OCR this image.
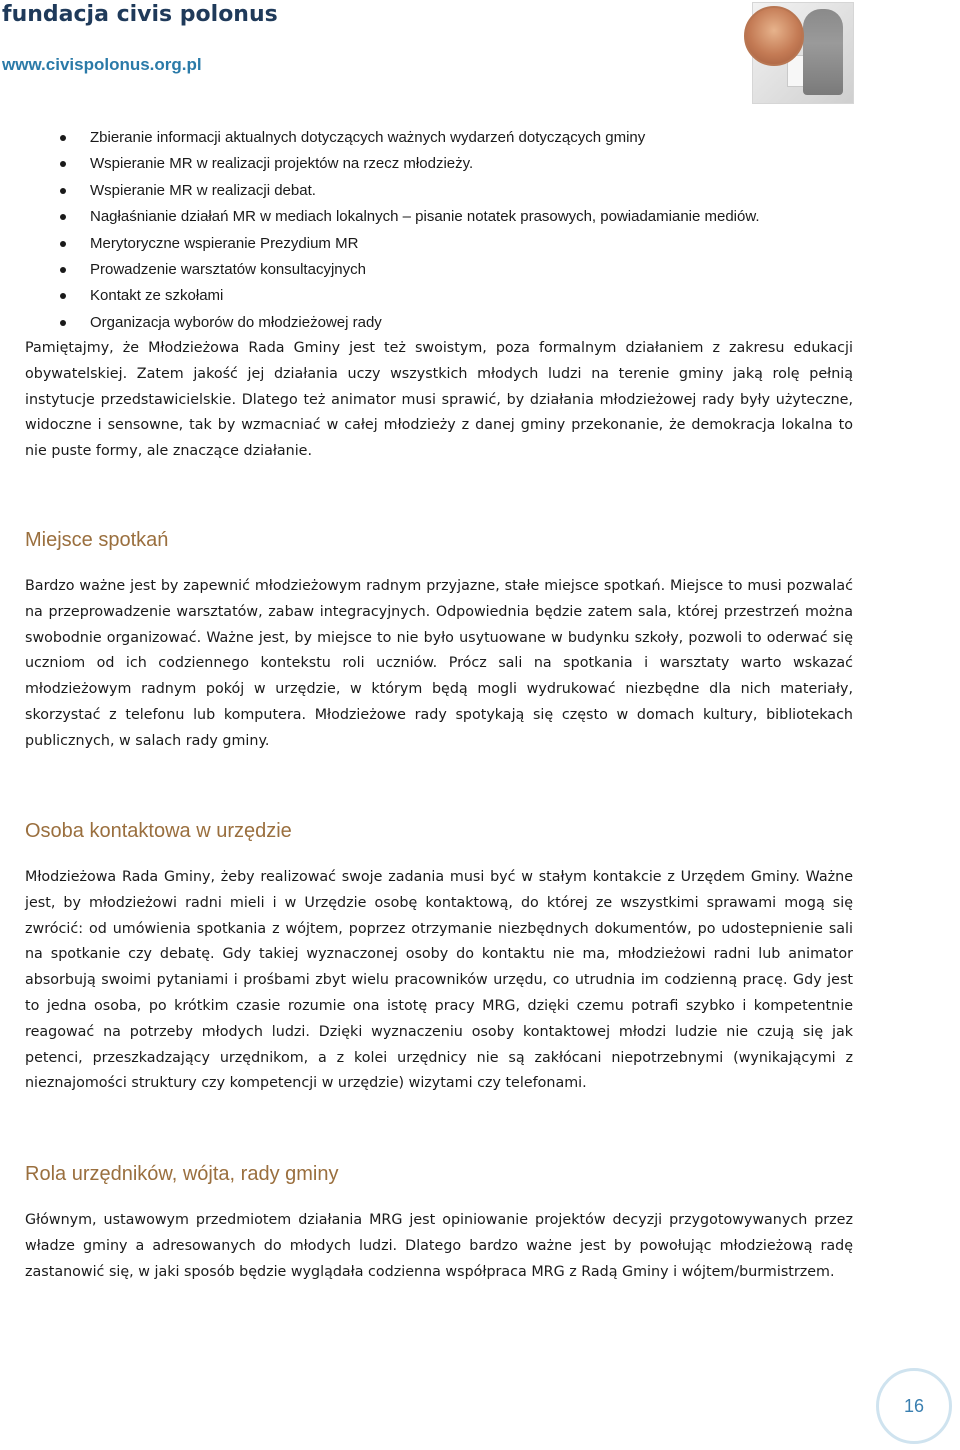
fundacja civis polonus
www.civispolonus.org.pl
Zbieranie informacji aktualnych dotyczących ważnych wydarzeń dotyczących gminy
Wspieranie MR w realizacji projektów na rzecz młodzieży.
Wspieranie MR w realizacji debat.
Nagłaśnianie działań MR w mediach lokalnych – pisanie notatek prasowych, powiadamianie mediów.
Merytoryczne wspieranie Prezydium MR
Prowadzenie warsztatów konsultacyjnych
Kontakt ze szkołami
Organizacja wyborów do młodzieżowej rady

Pamiętajmy, że Młodzieżowa Rada Gminy jest też swoistym, poza formalnym działaniem z zakresu edukacji obywatelskiej. Zatem jakość jej działania uczy wszystkich młodych ludzi na terenie gminy jaką rolę pełnią instytucje przedstawicielskie. Dlatego też animator musi sprawić, by działania młodzieżowej rady były użyteczne, widoczne i sensowne, tak by wzmacniać w całej młodzieży z danej gminy przekonanie, że demokracja lokalna to nie puste formy, ale znaczące działanie.

Miejsce spotkań

Bardzo ważne jest by zapewnić młodzieżowym radnym przyjazne, stałe miejsce spotkań. Miejsce to musi pozwalać na przeprowadzenie warsztatów, zabaw integracyjnych. Odpowiednia będzie zatem sala, której przestrzeń można swobodnie organizować. Ważne jest, by miejsce to nie było usytuowane w budynku szkoły, pozwoli to oderwać się uczniom od ich codziennego kontekstu roli uczniów. Prócz sali na spotkania i warsztaty warto wskazać młodzieżowym radnym pokój w urzędzie, w którym będą mogli wydrukować niezbędne dla nich materiały, skorzystać z telefonu lub komputera. Młodzieżowe rady spotykają się często w domach kultury, bibliotekach publicznych, w salach rady gminy.

Osoba kontaktowa w urzędzie

Młodzieżowa Rada Gminy, żeby realizować swoje zadania musi być w stałym kontakcie z Urzędem Gminy. Ważne jest, by młodzieżowi radni mieli i w Urzędzie osobę kontaktową, do której ze wszystkimi sprawami mogą się zwrócić: od umówienia spotkania z wójtem, poprzez otrzymanie niezbędnych dokumentów, po udostepnienie sali na spotkanie czy debatę. Gdy takiej wyznaczonej osoby do kontaktu nie ma, młodzieżowi radni lub animator absorbują swoimi pytaniami i prośbami zbyt wielu pracowników urzędu, co utrudnia im codzienną pracę. Gdy jest to jedna osoba, po krótkim czasie rozumie ona istotę pracy MRG, dzięki czemu potrafi szybko i kompetentnie reagować na potrzeby młodych ludzi. Dzięki wyznaczeniu osoby kontaktowej młodzi ludzie nie czują się jak petenci, przeszkadzający urzędnikom, a z kolei urzędnicy nie są zakłócani niepotrzebnymi (wynikającymi z nieznajomości struktury czy kompetencji w urzędzie) wizytami czy telefonami.

Rola urzędników, wójta, rady gminy

Głównym, ustawowym przedmiotem działania MRG jest opiniowanie projektów decyzji przygotowywanych przez władze gminy a adresowanych do młodych ludzi. Dlatego bardzo ważne jest by powołując młodzieżową radę zastanowić się, w jaki sposób będzie wyglądała codzienna współpraca MRG z Radą Gminy i wójtem/burmistrzem.

16
